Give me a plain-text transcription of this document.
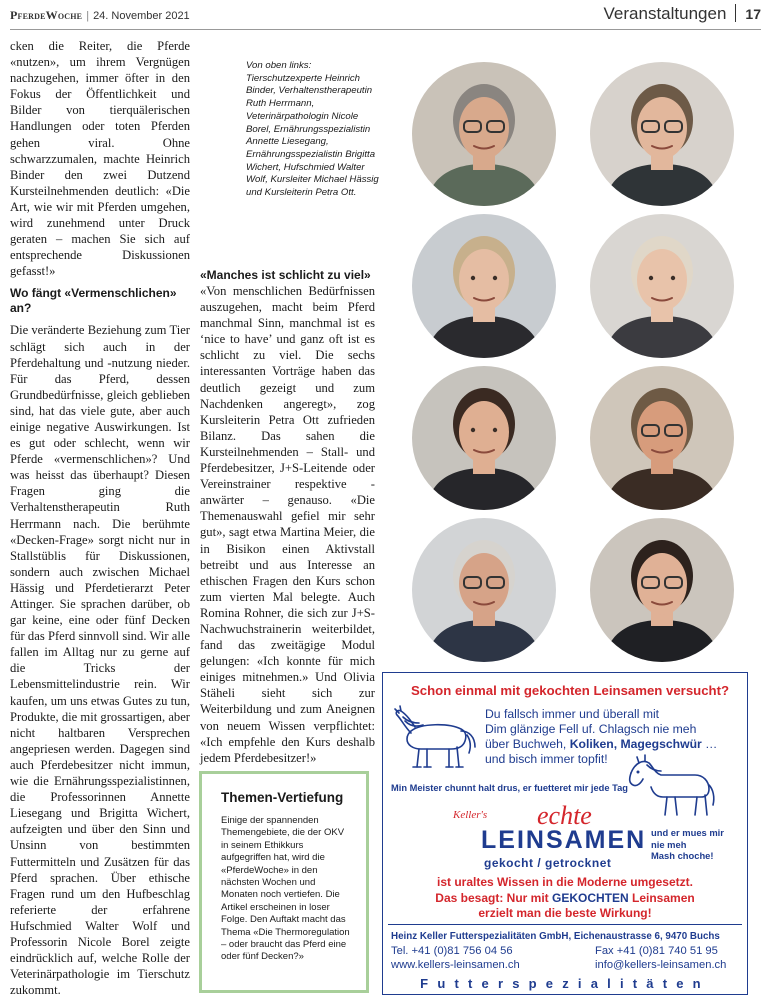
PferdeWoche | 24. November 2021	Veranstaltungen 17

cken die Reiter, die Pferde «nutzen», um ihrem Vergnügen nachzugehen, immer öfter in den Fokus der Öffentlichkeit und Bilder von tierquälerischen Handlungen oder toten Pferden gehen viral. Ohne schwarzzumalen, machte Heinrich Binder den zwei Dutzend Kursteilnehmenden deutlich: «Die Art, wie wir mit Pferden umgehen, wird zunehmend unter Druck geraten – machen Sie sich auf entsprechende Diskussionen gefasst!»

Wo fängt «Vermenschlichen» an?

Die veränderte Beziehung zum Tier schlägt sich auch in der Pferdehaltung und -nutzung nieder. Für das Pferd, dessen Grundbedürfnisse, gleich geblieben sind, hat das viele gute, aber auch einige negative Auswirkungen. Ist es gut oder schlecht, wenn wir Pferde «vermenschlichen»? Und was heisst das überhaupt? Diesen Fragen ging die Verhaltenstherapeutin Ruth Herrmann nach. Die berühmte «Decken-Frage» sorgt nicht nur in Stallstüblis für Diskussionen, sondern auch zwischen Michael Hässig und Pferdetierarzt Peter Attinger. Sie sprachen darüber, ob gar keine, eine oder fünf Decken für das Pferd sinnvoll sind. Wir alle fallen im Alltag nur zu gerne auf die Tricks der Lebensmittelindustrie rein. Wir kaufen, um uns etwas Gutes zu tun, Produkte, die mit grossartigen, aber nicht haltbaren Versprechen angepriesen werden. Dagegen sind auch Pferdebesitzer nicht immun, wie die Ernährungsspezialistinnen, die Professorinnen Annette Liesegang und Brigitta Wichert, aufzeigten und über den Sinn und Unsinn von bestimmten Futtermitteln und Zusätzen für das Pferd sprachen. Über ethische Fragen rund um den Hufbeschlag referierte der erfahrene Hufschmied Walter Wolf und Professorin Nicole Borel zeigte eindrücklich auf, welche Rolle der Veterinärpathologie im Tierschutz zukommt.

Von oben links: Tierschutzexperte Heinrich Binder, Verhaltenstherapeutin Ruth Herrmann, Veterinärpathologin Nicole Borel, Ernährungsspezialistin Annette Liesegang, Ernährungsspezialistin Brigitta Wichert, Hufschmied Walter Wolf, Kursleiter Michael Hässig und Kursleiterin Petra Ott.
«Manches ist schlicht zu viel»

«Von menschlichen Bedürfnissen auszugehen, macht beim Pferd manchmal Sinn, manchmal ist es ‘nice to have’ und ganz oft ist es schlicht zu viel. Die sechs interessanten Vorträge haben das deutlich gezeigt und zum Nachdenken angeregt», zog Kursleiterin Petra Ott zufrieden Bilanz. Das sahen die Kursteilnehmenden – Stall- und Pferdebesitzer, J+S-Leitende oder Vereinstrainer respektive -anwärter – genauso. «Die Themenauswahl gefiel mir sehr gut», sagt etwa Martina Meier, die in Bisikon einen Aktivstall betreibt und aus Interesse an ethischen Fragen den Kurs schon zum vierten Mal belegte. Auch Romina Rohner, die sich zur J+S-Nachwuchstrainerin weiterbildet, fand das zweitägige Modul gelungen: «Ich konnte für mich einiges mitnehmen.» Und Olivia Stäheli sieht sich zur Weiterbildung und zum Aneignen von neuem Wissen verpflichtet: «Ich empfehle den Kurs deshalb jedem Pferdebesitzer!»

Themen-Vertiefung

Einige der spannenden Themengebiete, die der OKV in seinem Ethikkurs aufgegriffen hat, wird die «PferdeWoche» in den nächsten Wochen und Monaten noch vertiefen. Die Artikel erscheinen in loser Folge. Den Auftakt macht das Thema «Die Thermoregulation – oder braucht das Pferd eine oder fünf Decken?»

Schon einmal mit gekochten Leinsamen versucht?
Du fallsch immer und überall mit
Dim glänzige Fell uf. Chlagsch nie meh
über Buchweh, Koliken, Magegschwür …
und bisch immer topfit!
Min Meister chunnt halt drus, er fuetteret mir jede Tag
Keller's echte
LEINSAMEN
gekocht / getrocknet
und er mues mir
nie meh
Mash choche!
ist uraltes Wissen in die Moderne umgesetzt.
Das besagt: Nur mit GEKOCHTEN Leinsamen
erzielt man die beste Wirkung!
Heinz Keller Futterspezialitäten GmbH, Eichenaustrasse 6, 9470 Buchs
Tel. +41 (0)81 756 04 56	Fax +41 (0)81 740 51 95
www.kellers-leinsamen.ch	info@kellers-leinsamen.ch
Futterspezialitäten
